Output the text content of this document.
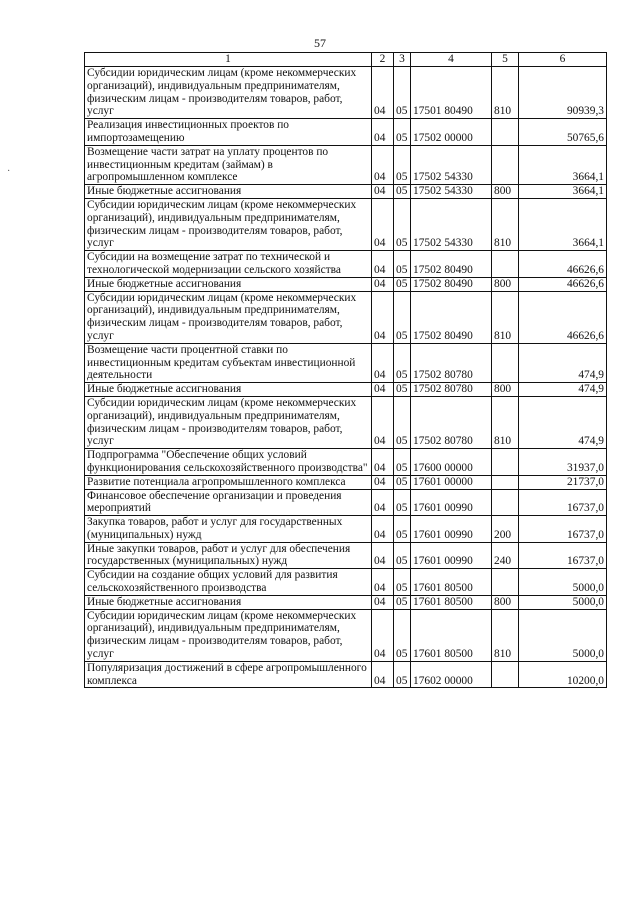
57
·
1	2	3	4	5	6
Субсидии юридическим лицам (кроме некоммерческих организаций), индивидуальным предпринимателям, физическим лицам - производителям товаров, работ, услуг	04	05	17501 80490	810	90939,3
Реализация инвестиционных проектов по импортозамещению	04	05	17502 00000		50765,6
Возмещение части затрат на уплату процентов по инвестиционным кредитам (займам) в агропромышленном комплексе	04	05	17502 54330		3664,1
Иные бюджетные ассигнования	04	05	17502 54330	800	3664,1
Субсидии юридическим лицам (кроме некоммерческих организаций), индивидуальным предпринимателям, физическим лицам - производителям товаров, работ, услуг	04	05	17502 54330	810	3664,1
Субсидии на возмещение затрат по технической и технологической модернизации сельского хозяйства	04	05	17502 80490		46626,6
Иные бюджетные ассигнования	04	05	17502 80490	800	46626,6
Субсидии юридическим лицам (кроме некоммерческих организаций), индивидуальным предпринимателям, физическим лицам - производителям товаров, работ, услуг	04	05	17502 80490	810	46626,6
Возмещение части процентной ставки по инвестиционным кредитам субъектам инвестиционной деятельности	04	05	17502 80780		474,9
Иные бюджетные ассигнования	04	05	17502 80780	800	474,9
Субсидии юридическим лицам (кроме некоммерческих организаций), индивидуальным предпринимателям, физическим лицам - производителям товаров, работ, услуг	04	05	17502 80780	810	474,9
Подпрограмма "Обеспечение общих условий функционирования сельскохозяйственного производства"	04	05	17600 00000		31937,0
Развитие потенциала агропромышленного комплекса	04	05	17601 00000		21737,0
Финансовое обеспечение организации и проведения мероприятий	04	05	17601 00990		16737,0
Закупка товаров, работ и услуг для государственных (муниципальных) нужд	04	05	17601 00990	200	16737,0
Иные закупки товаров, работ и услуг для обеспечения государственных (муниципальных) нужд	04	05	17601 00990	240	16737,0
Субсидии на создание общих условий для развития сельскохозяйственного производства	04	05	17601 80500		5000,0
Иные бюджетные ассигнования	04	05	17601 80500	800	5000,0
Субсидии юридическим лицам (кроме некоммерческих организаций), индивидуальным предпринимателям, физическим лицам - производителям товаров, работ, услуг	04	05	17601 80500	810	5000,0
Популяризация достижений в сфере агропромышленного комплекса	04	05	17602 00000		10200,0
